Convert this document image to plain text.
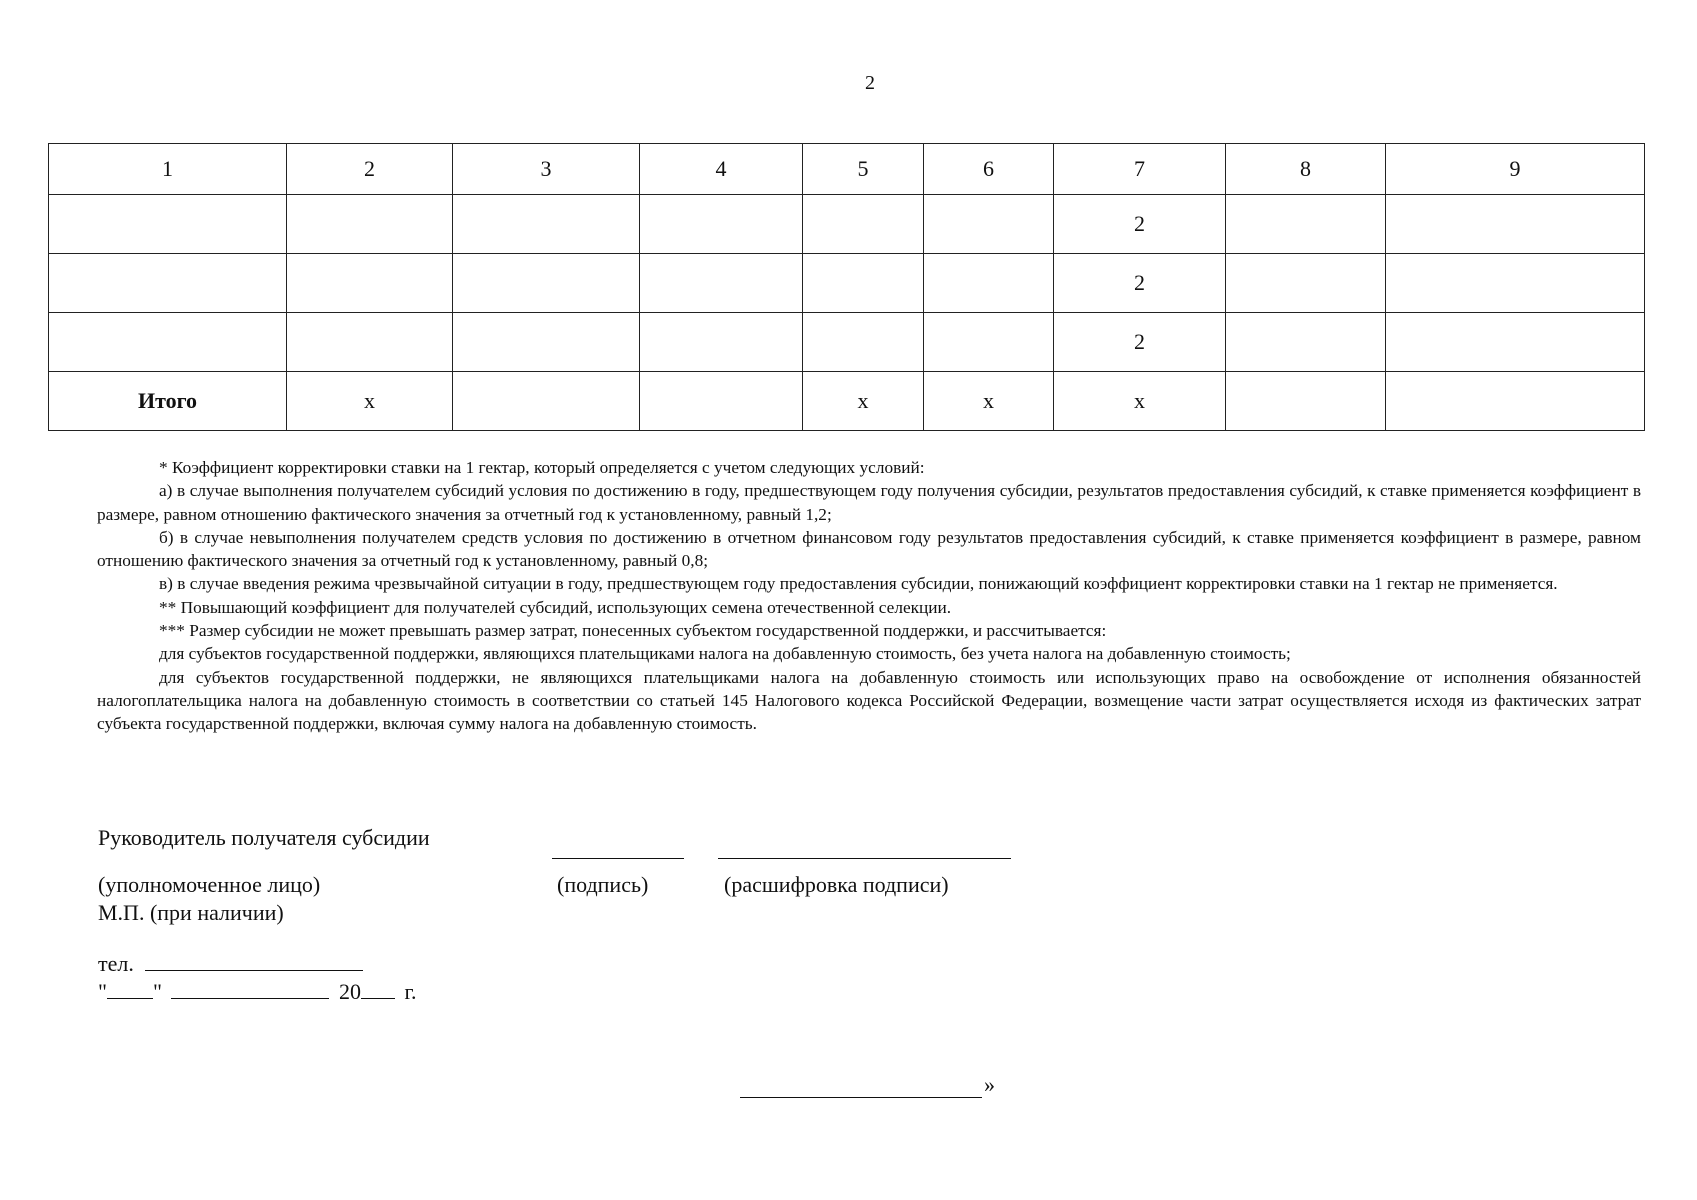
2
1	2	3	4	5	6	7	8	9
						2		
						2		
						2		
Итого	х			х	х	х		

* Коэффициент корректировки ставки на 1 гектар, который определяется с учетом следующих условий:

а) в случае выполнения получателем субсидий условия по достижению в году, предшествующем году получения субсидии, результатов предоставления субсидий, к ставке применяется коэффициент в размере, равном отношению фактического значения за отчетный год к установленному, равный 1,2;

б) в случае невыполнения получателем средств условия по достижению в отчетном финансовом году результатов предоставления субсидий, к ставке применяется коэффициент в размере, равном отношению фактического значения за отчетный год к установленному, равный 0,8;

в) в случае введения режима чрезвычайной ситуации в году, предшествующем году предоставления субсидии, понижающий коэффициент корректировки ставки на 1 гектар не применяется.

** Повышающий коэффициент для получателей субсидий, использующих семена отечественной селекции.

*** Размер субсидии не может превышать размер затрат, понесенных субъектом государственной поддержки, и рассчитывается:

для субъектов государственной поддержки, являющихся плательщиками налога на добавленную стоимость, без учета налога на добавленную стоимость;

для субъектов государственной поддержки, не являющихся плательщиками налога на добавленную стоимость или использующих право на освобождение от исполнения обязанностей налогоплательщика налога на добавленную стоимость в соответствии со статьей 145 Налогового кодекса Российской Федерации, возмещение части затрат осуществляется исходя из фактических затрат субъекта государственной поддержки, включая сумму налога на добавленную стоимость.

Руководитель получателя субсидии
(уполномоченное лицо)	(подпись)	(расшифровка подписи)
М.П. (при наличии)
тел.
" "	20 г.
»
